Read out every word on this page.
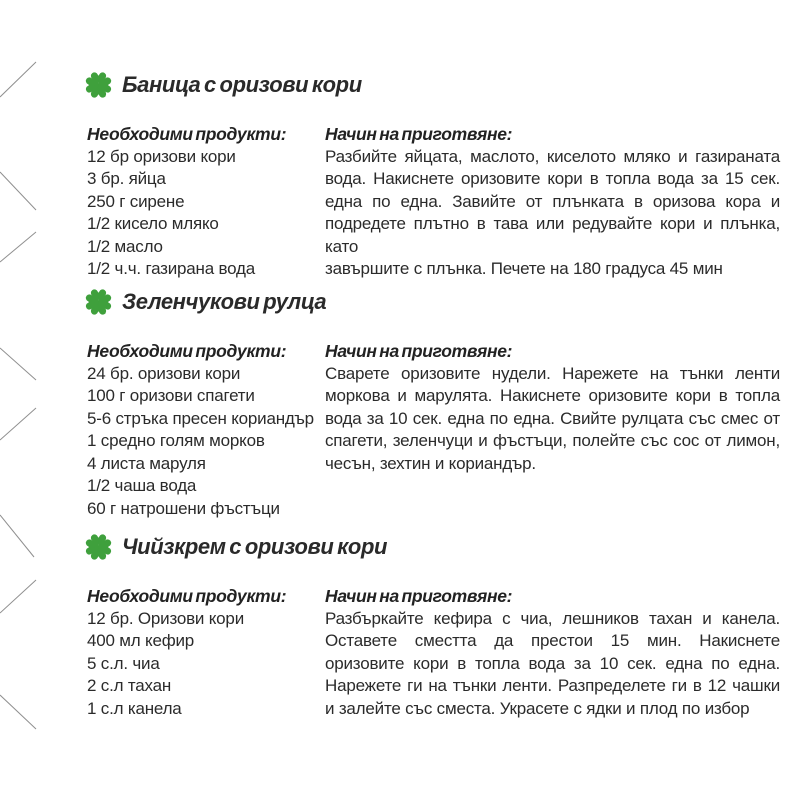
Баница с оризови кори
Необходими продукти:
12 бр оризови кори
3 бр. яйца
250 г сирене
1/2 кисело мляко
1/2 масло
1/2 ч.ч. газирана вода
Начин на приготвяне:

Разбийте яйцата, маслото, киселото мляко и газираната вода. Накиснете оризовите кори в топла вода за 15 сек. една по една. Завийте от плънката в оризова кора и подредете плътно в тава или редувайте кори и плънка, като

завършите с плънка. Печете на 180 градуса 45 мин

Зеленчукови рулца
Необходими продукти:
24 бр. оризови кори
100 г оризови спагети
5-6 стръка пресен кориандър
1 средно голям морков
4 листа маруля
1/2 чаша вода
60 г натрошени фъстъци
Начин на приготвяне:

Сварете оризовите нудели. Нарежете на тънки ленти моркова и марулята. Накиснете оризовите кори в топла вода за 10 сек. една по една. Свийте рулцата със смес от спагети, зеленчуци и фъстъци, полейте със сос от лимон, чесън, зехтин и кориандър.

Чийзкрем с оризови кори
Необходими продукти:
12 бр. Оризови кори
400 мл кефир
5 с.л. чиа
2 с.л тахан
1 с.л канела
Начин на приготвяне:

Разбъркайте кефира с чиа, лешников тахан и канела. Оставете сместта да престои 15 мин. Накиснете оризовите кори в топла вода за 10 сек. една по една. Нарежете ги на тънки ленти. Разпределете ги в 12 чашки и залейте със сместа. Украсете с ядки и плод по избор
